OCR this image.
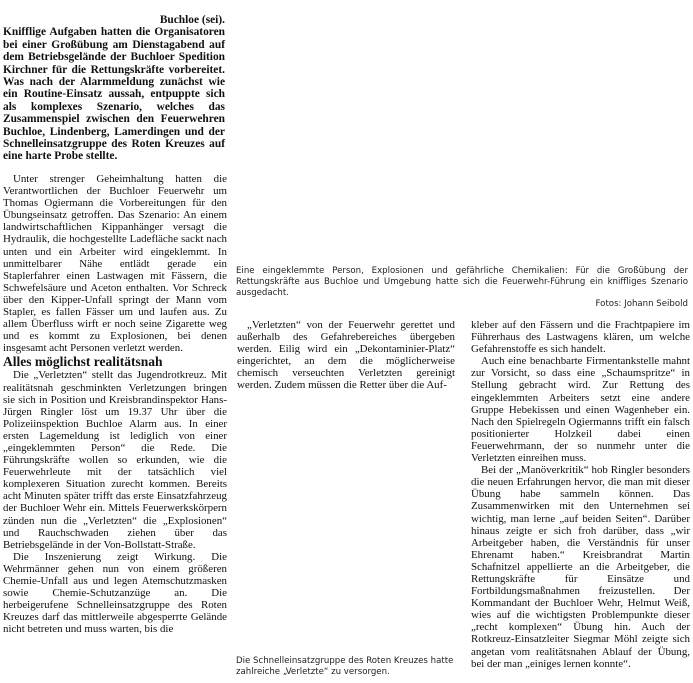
Buchloe (sei).
Knifflige Aufgaben hatten die Organisatoren bei einer Großübung am Dienstagabend auf dem Betriebsgelände der Buchloer Spedition Kirchner für die Rettungskräfte vorbereitet. Was nach der Alarmmeldung zunächst wie ein Routine-Einsatz aussah, entpuppte sich als komplexes Szenario, welches das Zusammenspiel zwischen den Feuerwehren Buchloe, Lindenberg, Lamerdingen und der Schnelleinsatzgruppe des Roten Kreuzes auf eine harte Probe stellte.

Unter strenger Geheimhaltung hatten die Verantwortlichen der Buchloer Feuerwehr um Thomas Ogiermann die Vorbereitungen für den Übungseinsatz getroffen. Das Szenario: An einem landwirtschaftlichen Kippanhänger versagt die Hydraulik, die hochgestellte Ladefläche sackt nach unten und ein Arbeiter wird eingeklemmt. In unmittelbarer Nähe entlädt gerade ein Staplerfahrer einen Lastwagen mit Fässern, die Schwefelsäure und Aceton enthalten. Vor Schreck über den Kipper-Unfall springt der Mann vom Stapler, es fallen Fässer um und laufen aus. Zu allem Überfluss wirft er noch seine Zigarette weg und es kommt zu Explosionen, bei denen insgesamt acht Personen verletzt werden.

Alles möglichst realitätsnah

Die „Verletzten“ stellt das Jugendrotkreuz. Mit realitätsnah geschminkten Verletzungen bringen sie sich in Position und Kreisbrandinspektor Hans-Jürgen Ringler löst um 19.37 Uhr über die Polizeiinspektion Buchloe Alarm aus. In einer ersten Lagemeldung ist lediglich von einer „eingeklemmten Person“ die Rede. Die Führungskräfte wollen so erkunden, wie die Feuerwehrleute mit der tatsächlich viel komplexeren Situation zurecht kommen. Bereits acht Minuten später trifft das erste Einsatzfahrzeug der Buchloer Wehr ein. Mittels Feuerwerkskörpern zünden nun die „Verletzten“ die „Explosionen“ und Rauchschwaden ziehen über das Betriebsgelände in der Von-Bollstatt-Straße.

Die Inszenierung zeigt Wirkung. Die Wehrmänner gehen nun von einem größeren Chemie-Unfall aus und legen Atemschutzmasken sowie Chemie-Schutzanzüge an. Die herbeigerufene Schnelleinsatzgruppe des Roten Kreuzes darf das mittlerweile abgesperrte Gelände nicht betreten und muss warten, bis die

Eine eingeklemmte Person, Explosionen und gefährliche Chemikalien: Für die Großübung der Rettungskräfte aus Buchloe und Umgebung hatte sich die Feuerwehr-Führung ein kniffliges Szenario ausgedacht.
Fotos: Johann Seibold

„Verletzten“ von der Feuerwehr gerettet und außerhalb des Gefahrebereiches übergeben werden. Eilig wird ein „Dekontaminier-Platz“ eingerichtet, an dem die möglicherweise chemisch verseuchten Verletzten gereinigt werden. Zudem müssen die Retter über die Auf-

Die Schnelleinsatzgruppe des Roten Kreuzes hatte zahlreiche „Verletzte“ zu versorgen.

kleber auf den Fässern und die Frachtpapiere im Führerhaus des Lastwagens klären, um welche Gefahrenstoffe es sich handelt.

Auch eine benachbarte Firmentankstelle mahnt zur Vorsicht, so dass eine „Schaumspritze“ in Stellung gebracht wird. Zur Rettung des eingeklemmten Arbeiters setzt eine andere Gruppe Hebekissen und einen Wagenheber ein. Nach den Spielregeln Ogiermanns trifft ein falsch positionierter Holzkeil dabei einen Feuerwehrmann, der so nunmehr unter die Verletzten einreihen muss.

Bei der „Manöverkritik“ hob Ringler besonders die neuen Erfahrungen hervor, die man mit dieser Übung habe sammeln können. Das Zusammenwirken mit den Unternehmen sei wichtig, man lerne „auf beiden Seiten“. Darüber hinaus zeigte er sich froh darüber, dass „wir Arbeitgeber haben, die Verständnis für unser Ehrenamt haben.“ Kreisbrandrat Martin Schafnitzel appellierte an die Arbeitgeber, die Rettungskräfte für Einsätze und Fortbildungsmaßnahmen freizustellen. Der Kommandant der Buchloer Wehr, Helmut Weiß, wies auf die wichtigsten Problempunkte dieser „recht komplexen“ Übung hin. Auch der Rotkreuz-Einsatzleiter Siegmar Möhl zeigte sich angetan vom realitätsnahen Ablauf der Übung, bei der man „einiges lernen konnte“.
